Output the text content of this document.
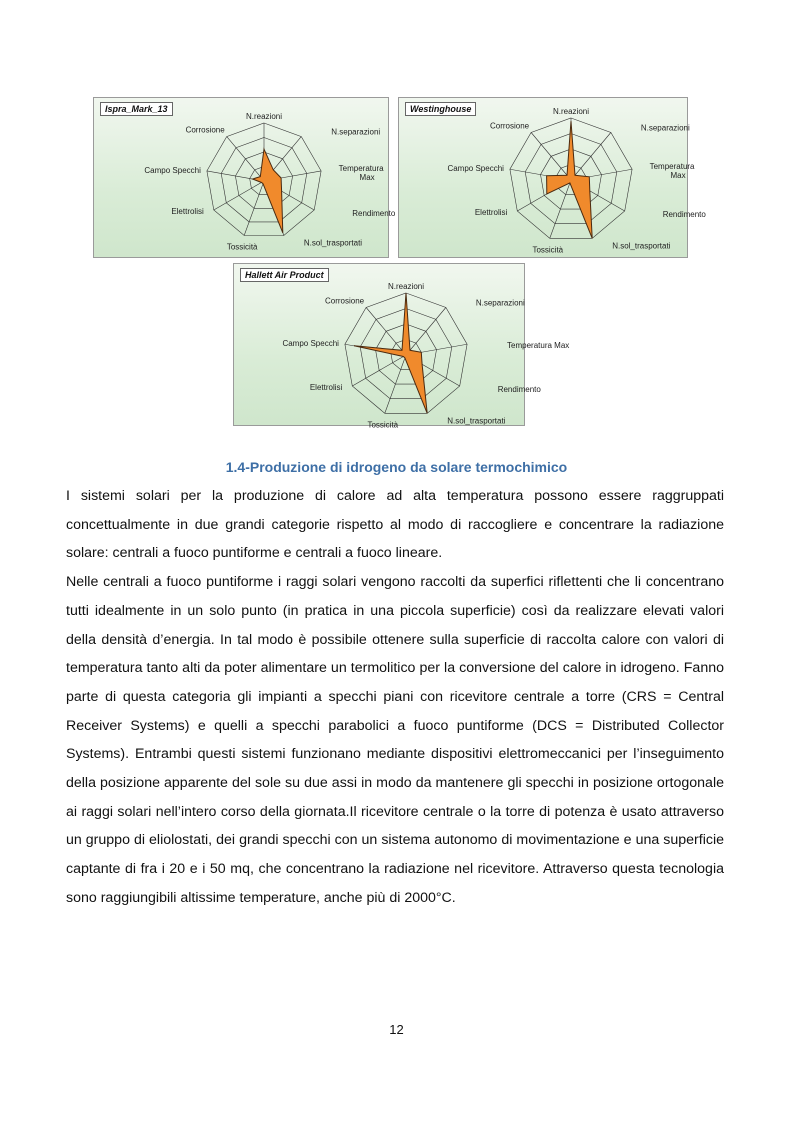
N.reazioni
N.separazioni
Temperatura Max
Rendimento
N.sol_trasportati
Tossicità
Elettrolisi
Campo Specchi
Corrosione
Ispra_Mark_13	N.reazioni
N.separazioni
Temperatura Max
Rendimento
N.sol_trasportati
Tossicità
Elettrolisi
Campo Specchi
Corrosione
Westinghouse
N.reazioni
N.separazioni
Temperatura Max
Rendimento
N.sol_trasportati
Tossicità
Elettrolisi
Campo Specchi
Corrosione
Hallett Air Product
1.4-Produzione di idrogeno da solare termochimico

I sistemi solari per la produzione di calore ad alta temperatura possono essere raggruppati concettualmente in due grandi categorie rispetto al modo di raccogliere e concentrare la radiazione solare: centrali a fuoco puntiforme e centrali a fuoco lineare.

Nelle centrali a fuoco puntiforme i raggi solari vengono raccolti da superfici riflettenti che li concentrano tutti idealmente in un solo punto (in pratica in una piccola superficie) così da realizzare elevati valori della densità d’energia. In tal modo è possibile ottenere sulla superficie di raccolta calore con valori di temperatura tanto alti da poter alimentare un termolitico per la conversione del calore in idrogeno. Fanno parte di questa categoria gli impianti a specchi piani con ricevitore centrale a torre (CRS = Central Receiver Systems) e quelli a specchi parabolici a fuoco puntiforme (DCS = Distributed Collector Systems). Entrambi questi sistemi funzionano mediante dispositivi elettromeccanici per l’inseguimento della posizione apparente del sole su due assi in modo da mantenere gli specchi in posizione ortogonale ai raggi solari nell’intero corso della giornata.Il ricevitore centrale o la torre di potenza è usato attraverso un gruppo di eliolostati, dei grandi specchi con un sistema autonomo di movimentazione e una superficie captante di fra i 20 e i 50 mq, che concentrano la radiazione nel ricevitore. Attraverso questa tecnologia sono raggiungibili altissime temperature, anche più di 2000°C.

12
